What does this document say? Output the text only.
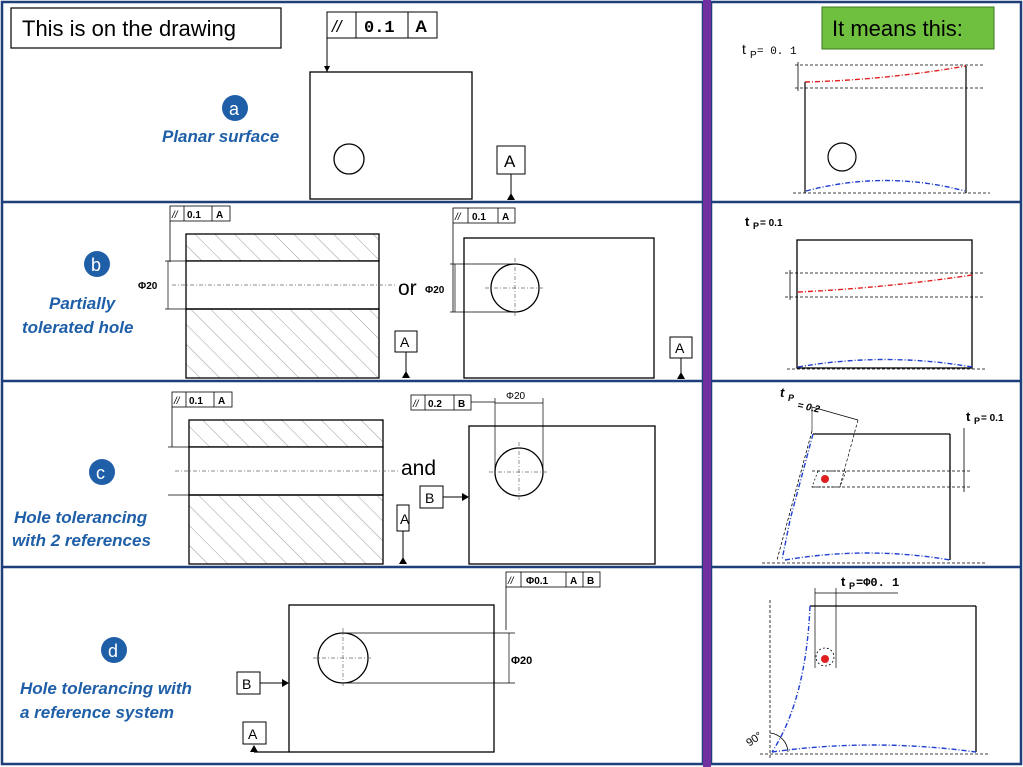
This is on the drawing	It means this:
a
Planar surface
// 0.1 A
A
t P = 0. 1
b
Partially
tolerated hole
// 0.1 A
Φ20
A
or
// 0.1 A
Φ20
A
t P = 0.1
c
Hole tolerancing
with 2 references
// 0.1 A
A
and
// 0.2 B
Φ20
B
t P
= 0.2
t P = 0.1
d
Hole tolerancing with
a reference system
// Φ0.1 A B
Φ20
B
A
t P =Φ0. 1
90°
